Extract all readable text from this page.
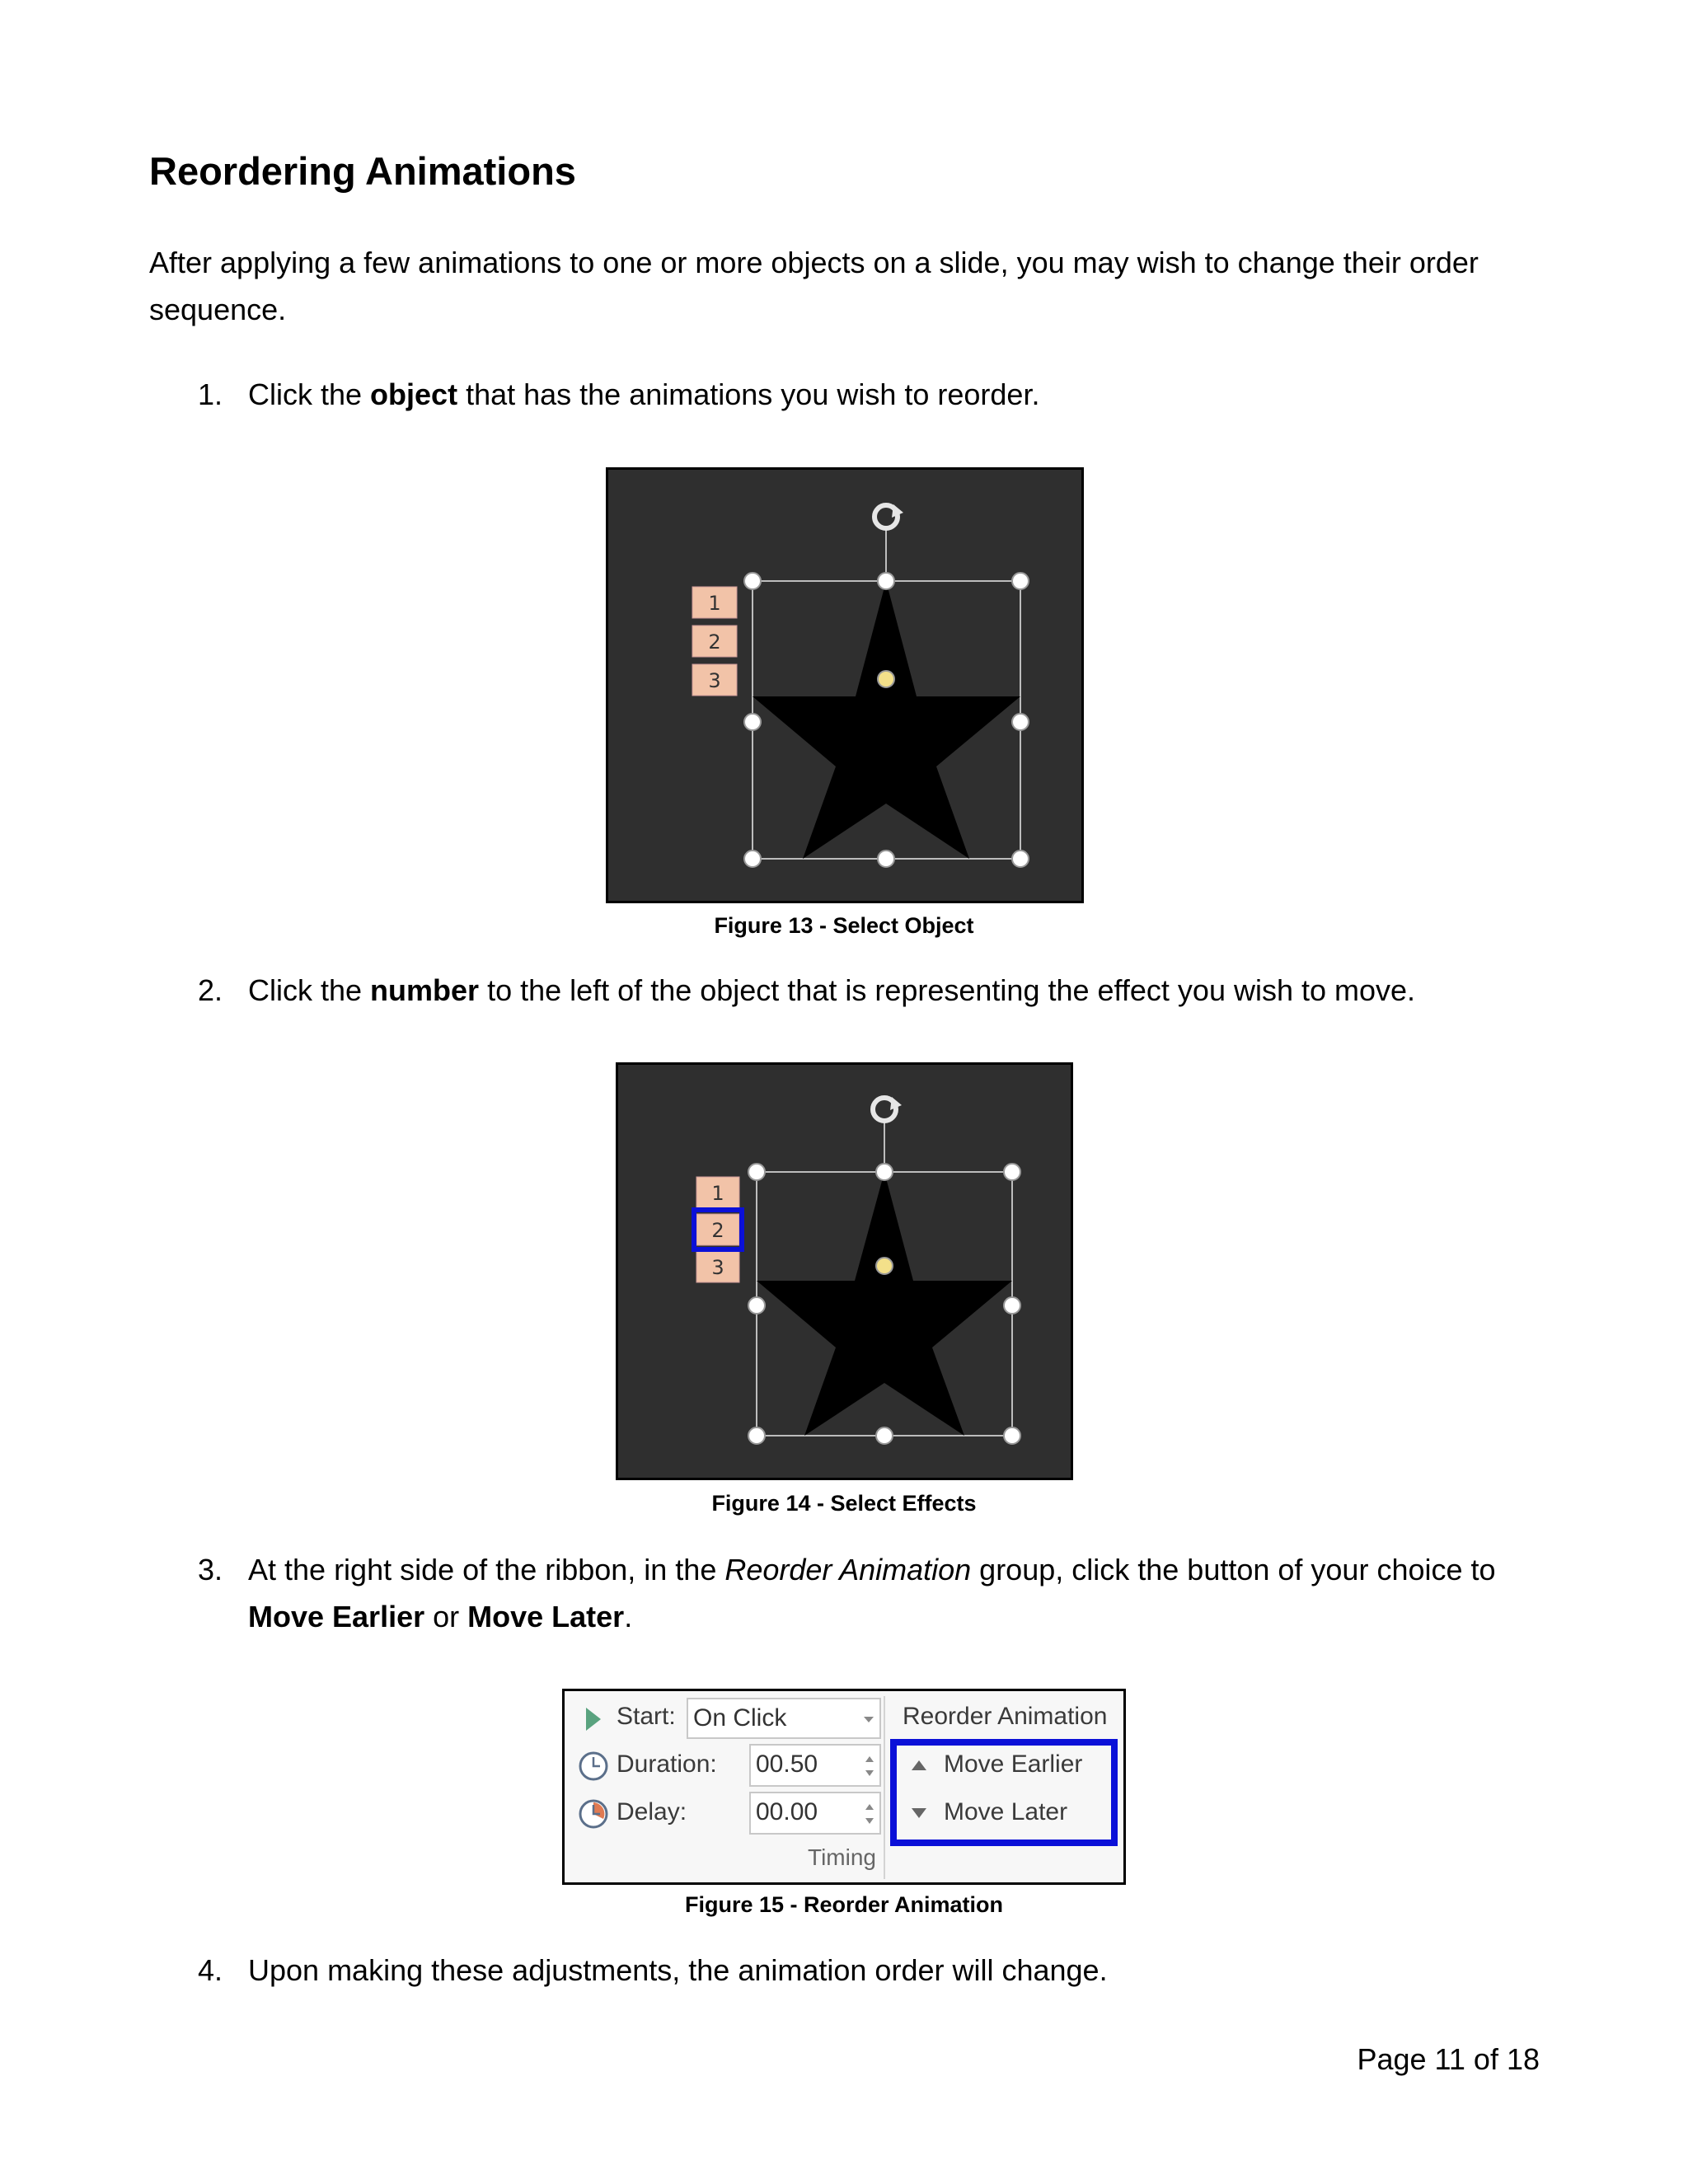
Reordering Animations

After applying a few animations to one or more objects on a slide, you may wish to change their order sequence.

1. Click the object that has the animations you wish to reorder.
1
2
3
Figure 13 - Select Object
2. Click the number to the left of the object that is representing the effect you wish to move.
1
2
3
Figure 14 - Select Effects
3. At the right side of the ribbon, in the Reorder Animation group, click the button of your choice to Move Earlier or Move Later.
Start: On Click
Duration: 00.50
Delay:	00.00
Timing
Reorder Animation
Move Earlier
Move Later
Figure 15 - Reorder Animation
4. Upon making these adjustments, the animation order will change.
Page 11 of 18
